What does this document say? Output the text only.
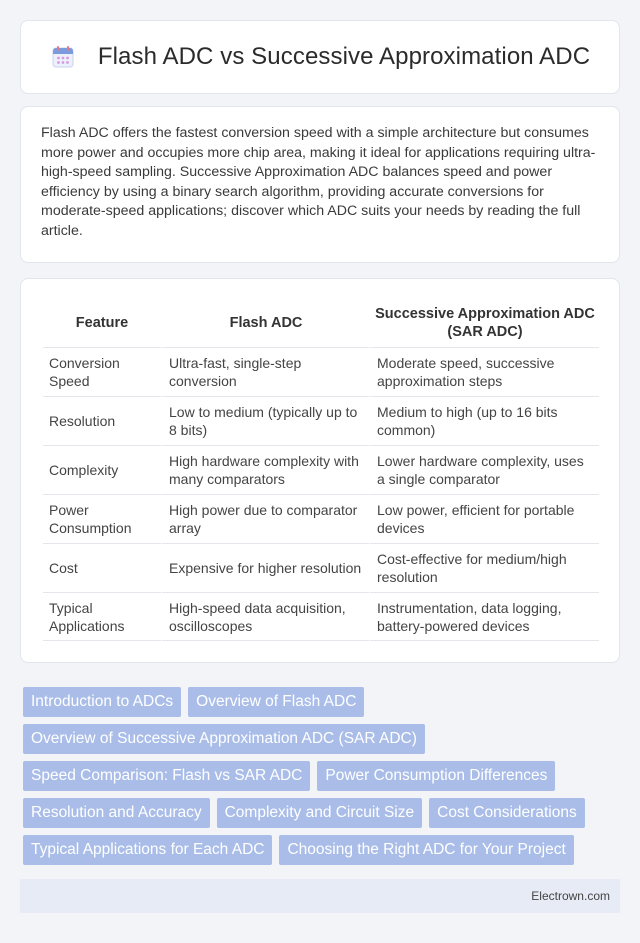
Flash ADC vs Successive Approximation ADC

Flash ADC offers the fastest conversion speed with a simple architecture but consumes more power and occupies more chip area, making it ideal for applications requiring ultra-high-speed sampling. Successive Approximation ADC balances speed and power efficiency by using a binary search algorithm, providing accurate conversions for moderate-speed applications; discover which ADC suits your needs by reading the full article.

Feature	Flash ADC	Successive Approximation ADC (SAR ADC)
Conversion Speed	Ultra-fast, single-step conversion	Moderate speed, successive approximation steps
Resolution	Low to medium (typically up to 8 bits)	Medium to high (up to 16 bits common)
Complexity	High hardware complexity with many comparators	Lower hardware complexity, uses a single comparator
Power Consumption	High power due to comparator array	Low power, efficient for portable devices
Cost	Expensive for higher resolution	Cost-effective for medium/high resolution
Typical Applications	High-speed data acquisition, oscilloscopes	Instrumentation, data logging, battery-powered devices
Introduction to ADCs	Overview of Flash ADC
Overview of Successive Approximation ADC (SAR ADC)
Speed Comparison: Flash vs SAR ADC	Power Consumption Differences
Resolution and Accuracy	Complexity and Circuit Size	Cost Considerations
Typical Applications for Each ADC	Choosing the Right ADC for Your Project
Electrown.com
